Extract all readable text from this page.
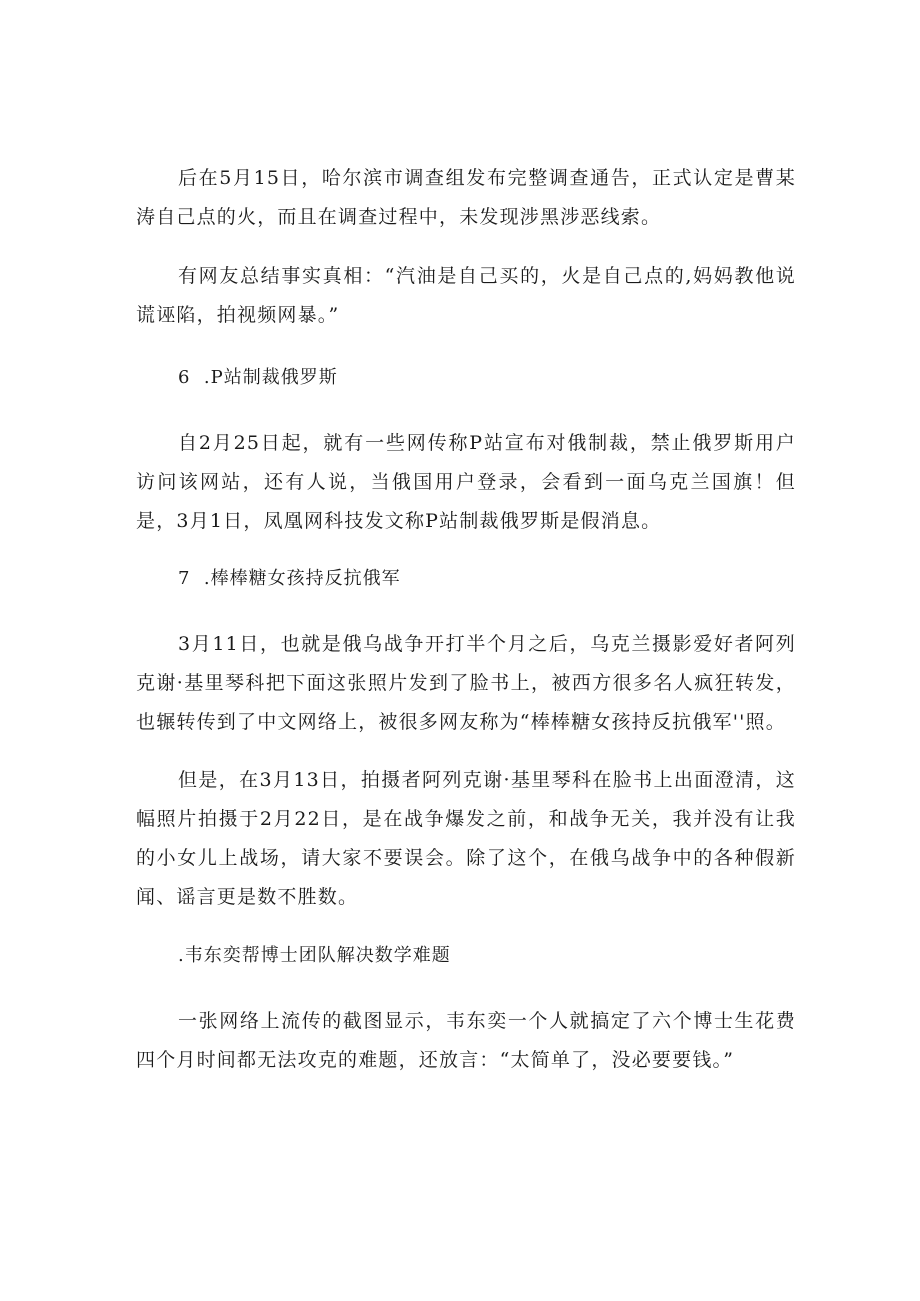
后在5月15日，哈尔滨市调查组发布完整调查通告，正式认定是曹某涛自己点的火，而且在调查过程中，未发现涉黑涉恶线索。

有网友总结事实真相：“汽油是自己买的，火是自己点的,妈妈教他说谎诬陷，拍视频网暴。”

6  .P站制裁俄罗斯

自2月25日起，就有一些网传称P站宣布对俄制裁，禁止俄罗斯用户访问该网站，还有人说，当俄国用户登录，会看到一面乌克兰国旗！但是，3月1日，凤凰网科技发文称P站制裁俄罗斯是假消息。

7  .棒棒糖女孩持反抗俄军

3月11日，也就是俄乌战争开打半个月之后，乌克兰摄影爱好者阿列克谢·基里琴科把下面这张照片发到了脸书上，被西方很多名人疯狂转发，也辗转传到了中文网络上，被很多网友称为“棒棒糖女孩持反抗俄军''照。

但是，在3月13日，拍摄者阿列克谢·基里琴科在脸书上出面澄清，这幅照片拍摄于2月22日，是在战争爆发之前，和战争无关，我并没有让我的小女儿上战场，请大家不要误会。除了这个，在俄乌战争中的各种假新闻、谣言更是数不胜数。

.韦东奕帮博士团队解决数学难题

一张网络上流传的截图显示，韦东奕一个人就搞定了六个博士生花费四个月时间都无法攻克的难题，还放言：“太简单了，没必要要钱。”
